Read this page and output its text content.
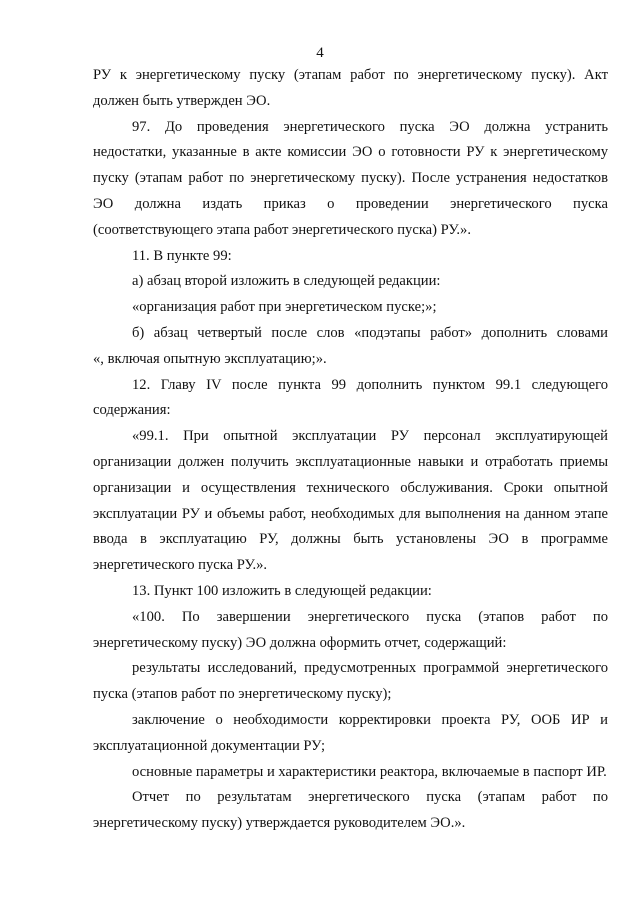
4
РУ к энергетическому пуску (этапам работ по энергетическому пуску). Акт
должен быть утвержден ЭО.
97. До проведения энергетического пуска ЭО должна устранить
недостатки, указанные в акте комиссии ЭО о готовности РУ к энергетическому
пуску (этапам работ по энергетическому пуску). После устранения недостатков
ЭО должна издать приказ о проведении энергетического пуска
(соответствующего этапа работ энергетического пуска) РУ.».
11. В пункте 99:
а) абзац второй изложить в следующей редакции:
«организация работ при энергетическом пуске;»;
б) абзац четвертый после слов «подэтапы работ» дополнить словами
«, включая опытную эксплуатацию;».
12. Главу IV после пункта 99 дополнить пунктом 99.1 следующего
содержания:
«99.1. При опытной эксплуатации РУ персонал эксплуатирующей
организации должен получить эксплуатационные навыки и отработать приемы
организации и осуществления технического обслуживания. Сроки опытной
эксплуатации РУ и объемы работ, необходимых для выполнения на данном этапе
ввода в эксплуатацию РУ, должны быть установлены ЭО в программе
энергетического пуска РУ.».
13. Пункт 100 изложить в следующей редакции:
«100. По завершении энергетического пуска (этапов работ по
энергетическому пуску) ЭО должна оформить отчет, содержащий:
результаты исследований, предусмотренных программой энергетического
пуска (этапов работ по энергетическому пуску);
заключение о необходимости корректировки проекта РУ, ООБ ИР и
эксплуатационной документации РУ;
основные параметры и характеристики реактора, включаемые в паспорт ИР.
Отчет по результатам энергетического пуска (этапам работ по
энергетическому пуску) утверждается руководителем ЭО.».
